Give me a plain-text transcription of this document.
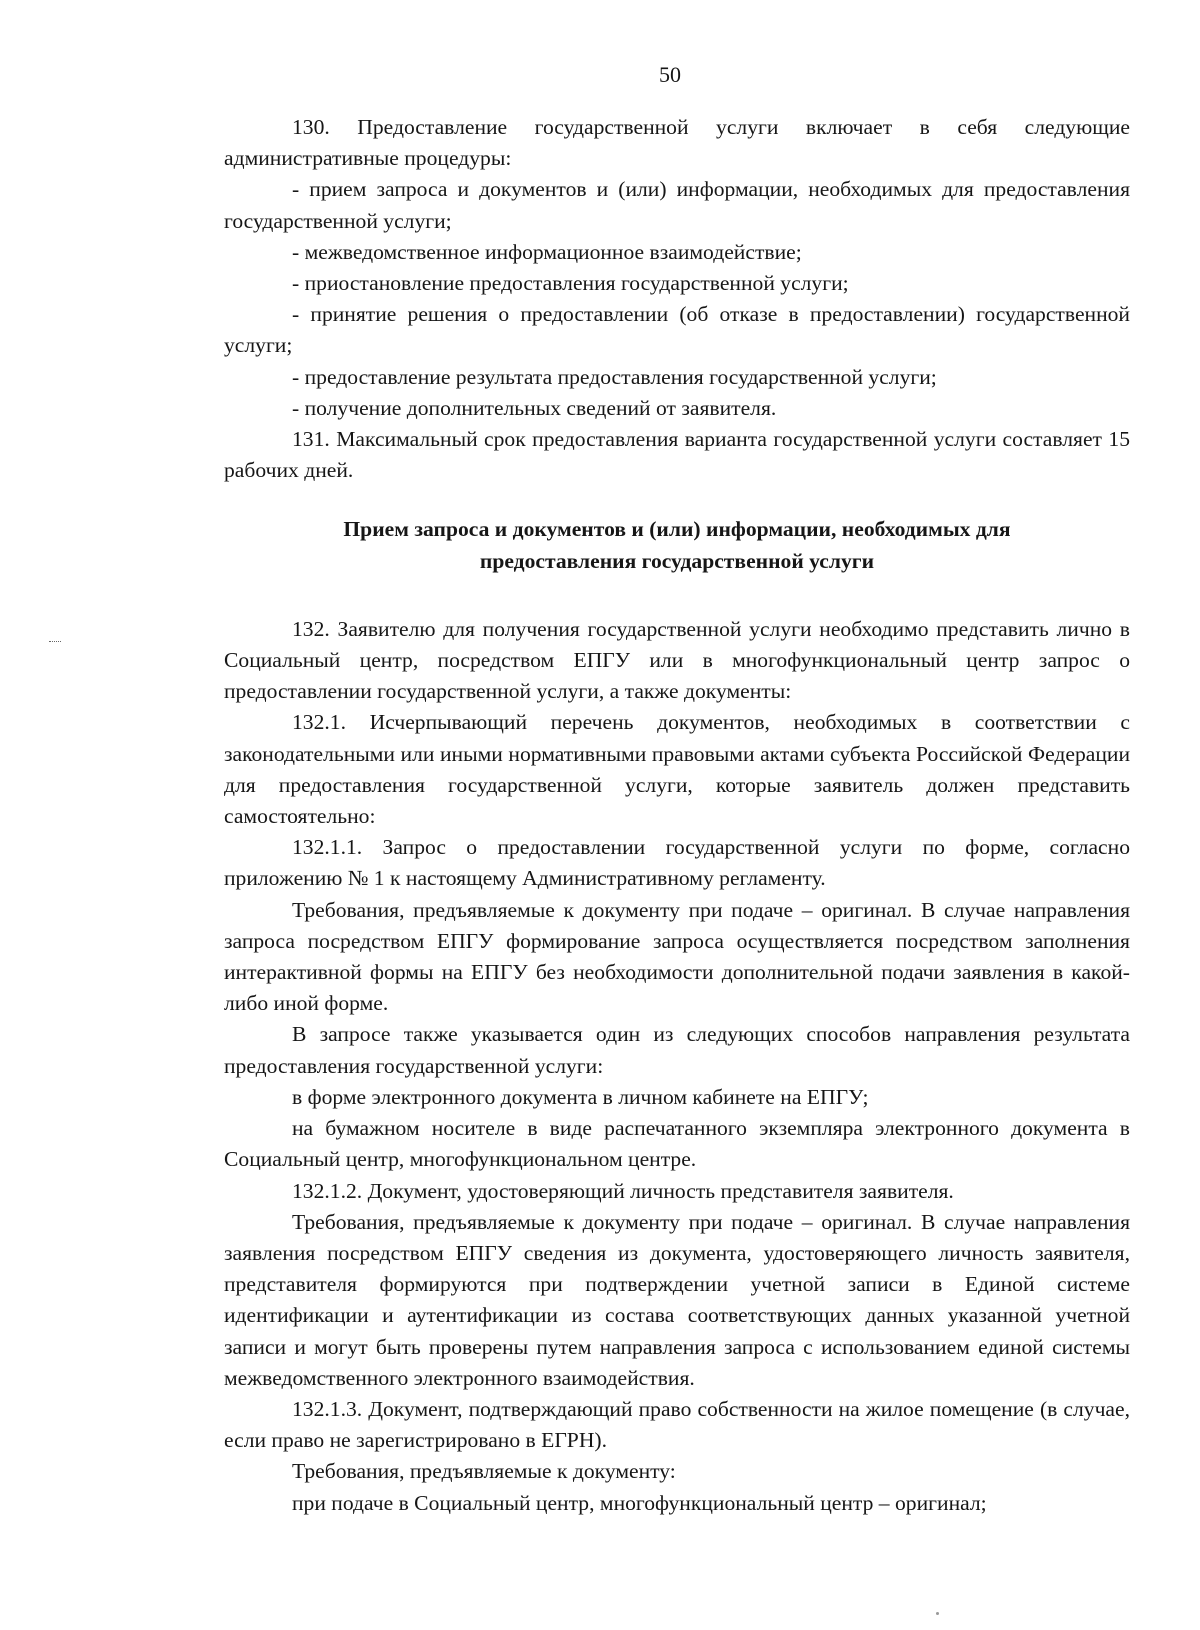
50

130. Предоставление государственной услуги включает в себя следующие административные процедуры:

- прием запроса и документов и (или) информации, необходимых для предоставления государственной услуги;

- межведомственное информационное взаимодействие;

- приостановление предоставления государственной услуги;

- принятие решения о предоставлении (об отказе в предоставлении) государственной услуги;

- предоставление результата предоставления государственной услуги;

- получение дополнительных сведений от заявителя.

131. Максимальный срок предоставления варианта государственной услуги составляет 15 рабочих дней.

Прием запроса и документов и (или) информации, необходимых для
предоставления государственной услуги

132. Заявителю для получения государственной услуги необходимо представить лично в Социальный центр, посредством ЕПГУ или в многофункциональный центр запрос о предоставлении государственной услуги, а также документы:

132.1. Исчерпывающий перечень документов, необходимых в соответствии с законодательными или иными нормативными правовыми актами субъекта Российской Федерации для предоставления государственной услуги, которые заявитель должен представить самостоятельно:

132.1.1. Запрос о предоставлении государственной услуги по форме, согласно приложению № 1 к настоящему Административному регламенту.

Требования, предъявляемые к документу при подаче – оригинал. В случае направления запроса посредством ЕПГУ формирование запроса осуществляется посредством заполнения интерактивной формы на ЕПГУ без необходимости дополнительной подачи заявления в какой-либо иной форме.

В запросе также указывается один из следующих способов направления результата предоставления государственной услуги:

в форме электронного документа в личном кабинете на ЕПГУ;

на бумажном носителе в виде распечатанного экземпляра электронного документа в Социальный центр, многофункциональном центре.

132.1.2. Документ, удостоверяющий личность представителя заявителя.

Требования, предъявляемые к документу при подаче – оригинал. В случае направления заявления посредством ЕПГУ сведения из документа, удостоверяющего личность заявителя, представителя формируются при подтверждении учетной записи в Единой системе идентификации и аутентификации из состава соответствующих данных указанной учетной записи и могут быть проверены путем направления запроса с использованием единой системы межведомственного электронного взаимодействия.

132.1.3. Документ, подтверждающий право собственности на жилое помещение (в случае, если право не зарегистрировано в ЕГРН).

Требования, предъявляемые к документу:

при подаче в Социальный центр, многофункциональный центр – оригинал;
